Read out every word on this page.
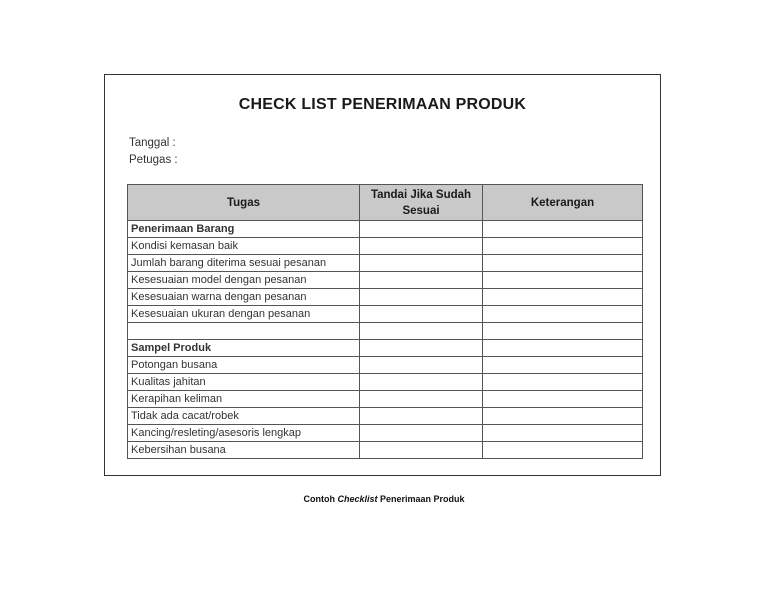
CHECK LIST PENERIMAAN PRODUK
Tanggal :
Petugas :
Tugas	Tandai Jika Sudah Sesuai	Keterangan
Penerimaan Barang		
Kondisi kemasan baik		
Jumlah barang diterima sesuai pesanan		
Kesesuaian model dengan pesanan		
Kesesuaian warna dengan pesanan		
Kesesuaian ukuran dengan pesanan		

Sampel Produk		
Potongan busana		
Kualitas jahitan		
Kerapihan keliman		
Tidak ada cacat/robek		
Kancing/resleting/asesoris lengkap		
Kebersihan busana		
Contoh Checklist Penerimaan Produk
